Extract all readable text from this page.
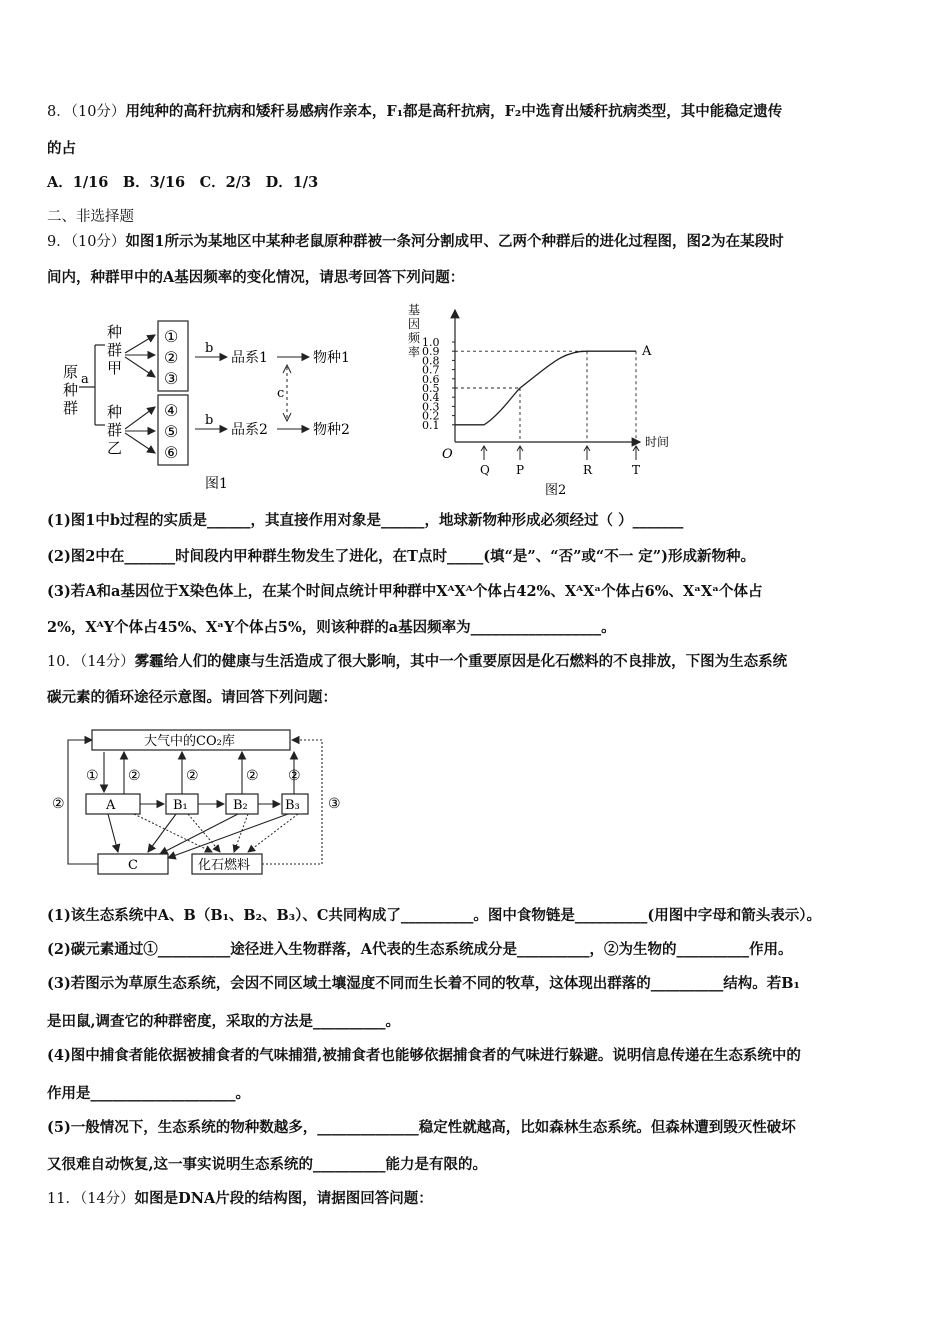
8．（10分）用纯种的高秆抗病和矮秆易感病作亲本，F₁都是高秆抗病，F₂中选育出矮秆抗病类型，其中能稳定遗传
的占
A．1/16　B．3/16　C．2/3　D．1/3
二、非选择题
9．（10分）如图1所示为某地区中某种老鼠原种群被一条河分割成甲、乙两个种群后的进化过程图，图2为在某段时
间内，种群甲中的A基因频率的变化情况，请思考回答下列问题：
原
种
群
a
种
群
甲
种
群
乙
①
②
③
④
⑤
⑥
b
b
品系1
品系2
物种1
物种2
c
图1
基
因
频
率
1.0
0.9
0.8
0.7
0.6
0.5
0.4
0.3
0.2
0.1
时间
O
A
Q P	R	T
图2
(1)图1中b过程的实质是______，其直接作用对象是______，地球新物种形成必须经过（ ）_______
(2)图2中在_______时间段内甲种群生物发生了进化，在T点时_____(填“是”、“否”或“不一 定”)形成新物种。
(3)若A和a基因位于X染色体上，在某个时间点统计甲种群中XᴬXᴬ个体占42%、XᴬXᵃ个体占6%、XᵃXᵃ个体占
2%，XᴬY个体占45%、XᵃY个体占5%，则该种群的a基因频率为__________________。
10．（14分）雾霾给人们的健康与生活造成了很大影响，其中一个重要原因是化石燃料的不良排放，下图为生态系统
碳元素的循环途径示意图。请回答下列问题：
大气中的CO₂库
②	③
A	B₁	B₂	B₃
C	化石燃料
① ②	②	② ②
(1)该生态系统中A、B（B₁、B₂、B₃）、C共同构成了__________。图中食物链是__________(用图中字母和箭头表示）。
(2)碳元素通过①__________途径进入生物群落，A代表的生态系统成分是__________，②为生物的__________作用。
(3)若图示为草原生态系统，会因不同区域土壤湿度不同而生长着不同的牧草，这体现出群落的__________结构。若B₁
是田鼠,调查它的种群密度，采取的方法是__________。
(4)图中捕食者能依据被捕食者的气味捕猎,被捕食者也能够依据捕食者的气味进行躲避。说明信息传递在生态系统中的
作用是____________________。
(5)一般情况下，生态系统的物种数越多，______________稳定性就越高，比如森林生态系统。但森林遭到毁灭性破坏
又很难自动恢复,这一事实说明生态系统的__________能力是有限的。
11．（14分）如图是DNA片段的结构图，请据图回答问题：
